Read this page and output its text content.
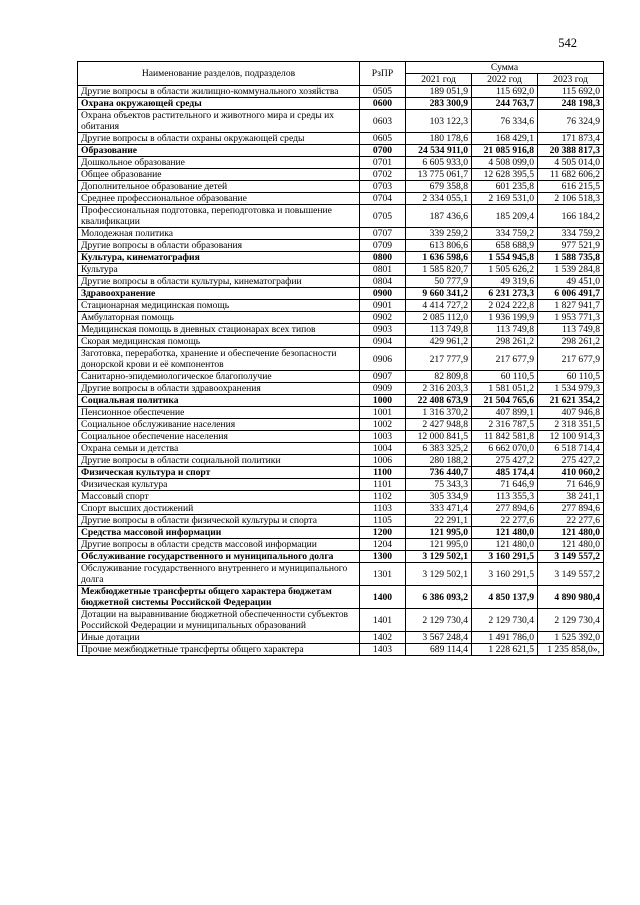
542
Наименование разделов, подразделов	РзПР	Сумма		
		2021 год	2022 год	2023 год
Другие вопросы в области жилищно-коммунального хозяйства	0505	189 051,9	115 692,0	115 692,0
Охрана окружающей среды	0600	283 300,9	244 763,7	248 198,3
Охрана объектов растительного и животного мира и среды их обитания	0603	103 122,3	76 334,6	76 324,9
Другие вопросы в области охраны окружающей среды	0605	180 178,6	168 429,1	171 873,4
Образование	0700	24 534 911,0	21 085 916,8	20 388 817,3
Дошкольное образование	0701	6 605 933,0	4 508 099,0	4 505 014,0
Общее образование	0702	13 775 061,7	12 628 395,5	11 682 606,2
Дополнительное образование детей	0703	679 358,8	601 235,8	616 215,5
Среднее профессиональное образование	0704	2 334 055,1	2 169 531,0	2 106 518,3
Профессиональная подготовка, переподготовка и повышение квалификации	0705	187 436,6	185 209,4	166 184,2
Молодежная политика	0707	339 259,2	334 759,2	334 759,2
Другие вопросы в области образования	0709	613 806,6	658 688,9	977 521,9
Культура, кинематография	0800	1 636 598,6	1 554 945,8	1 588 735,8
Культура	0801	1 585 820,7	1 505 626,2	1 539 284,8
Другие вопросы в области культуры, кинематографии	0804	50 777,9	49 319,6	49 451,0
Здравоохранение	0900	9 660 341,2	6 231 273,3	6 006 491,7
Стационарная медицинская помощь	0901	4 414 727,2	2 024 222,8	1 827 941,7
Амбулаторная помощь	0902	2 085 112,0	1 936 199,9	1 953 771,3
Медицинская помощь в дневных стационарах всех типов	0903	113 749,8	113 749,8	113 749,8
Скорая медицинская помощь	0904	429 961,2	298 261,2	298 261,2
Заготовка, переработка, хранение и обеспечение безопасности донорской крови и её компонентов	0906	217 777,9	217 677,9	217 677,9
Санитарно-эпидемиологическое благополучие	0907	82 809,8	60 110,5	60 110,5
Другие вопросы в области здравоохранения	0909	2 316 203,3	1 581 051,2	1 534 979,3
Социальная политика	1000	22 408 673,9	21 504 765,6	21 621 354,2
Пенсионное обеспечение	1001	1 316 370,2	407 899,1	407 946,8
Социальное обслуживание населения	1002	2 427 948,8	2 316 787,5	2 318 351,5
Социальное обеспечение населения	1003	12 000 841,5	11 842 581,8	12 100 914,3
Охрана семьи и детства	1004	6 383 325,2	6 662 070,0	6 518 714,4
Другие вопросы в области социальной политики	1006	280 188,2	275 427,2	275 427,2
Физическая культура и спорт	1100	736 440,7	485 174,4	410 060,2
Физическая культура	1101	75 343,3	71 646,9	71 646,9
Массовый спорт	1102	305 334,9	113 355,3	38 241,1
Спорт высших достижений	1103	333 471,4	277 894,6	277 894,6
Другие вопросы в области физической культуры и спорта	1105	22 291,1	22 277,6	22 277,6
Средства массовой информации	1200	121 995,0	121 480,0	121 480,0
Другие вопросы в области средств массовой информации	1204	121 995,0	121 480,0	121 480,0
Обслуживание государственного и муниципального долга	1300	3 129 502,1	3 160 291,5	3 149 557,2
Обслуживание государственного внутреннего и муниципального долга	1301	3 129 502,1	3 160 291,5	3 149 557,2
Межбюджетные трансферты общего характера бюджетам бюджетной системы Российской Федерации	1400	6 386 093,2	4 850 137,9	4 890 980,4
Дотации на выравнивание бюджетной обеспеченности субъектов Российской Федерации и муниципальных образований	1401	2 129 730,4	2 129 730,4	2 129 730,4
Иные дотации	1402	3 567 248,4	1 491 786,0	1 525 392,0
Прочие межбюджетные трансферты общего характера	1403	689 114,4	1 228 621,5	1 235 858,0»,
